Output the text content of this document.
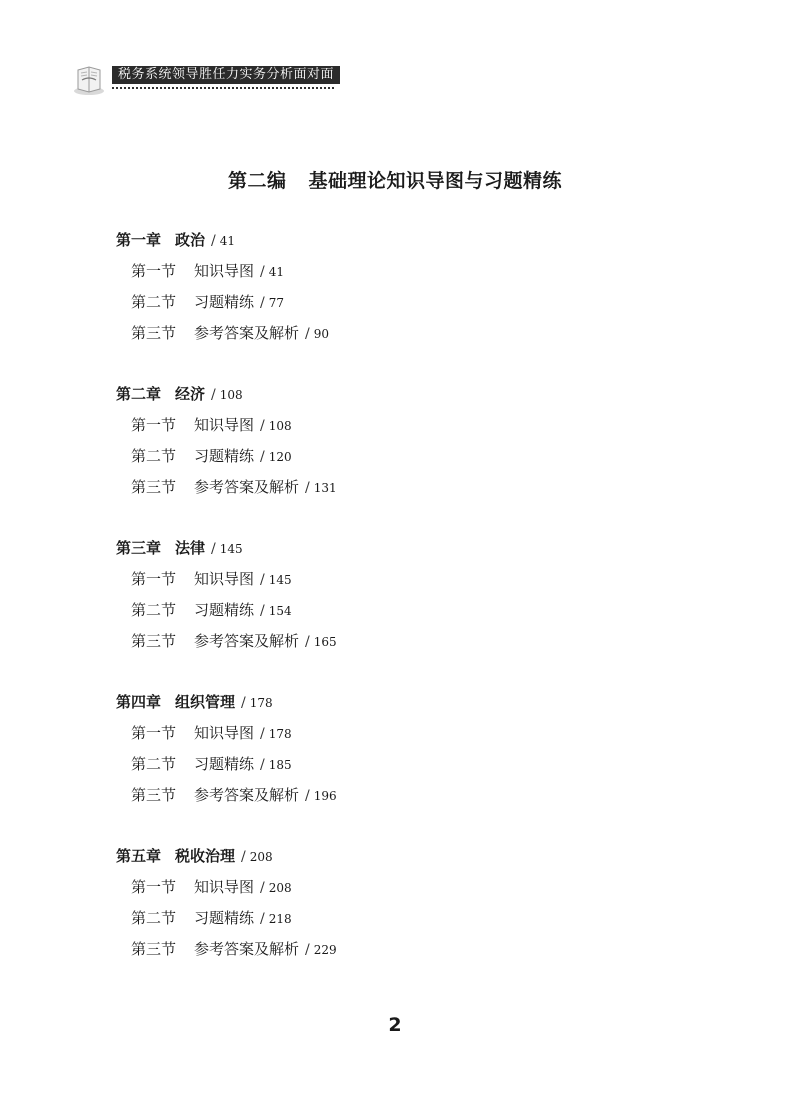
税务系统领导胜任力实务分析面对面
第二编 基础理论知识导图与习题精练
第一章 政治 / 41
第一节 知识导图 / 41
第二节 习题精练 / 77
第三节 参考答案及解析 / 90
第二章 经济 / 108
第一节 知识导图 / 108
第二节 习题精练 / 120
第三节 参考答案及解析 / 131
第三章 法律 / 145
第一节 知识导图 / 145
第二节 习题精练 / 154
第三节 参考答案及解析 / 165
第四章 组织管理 / 178
第一节 知识导图 / 178
第二节 习题精练 / 185
第三节 参考答案及解析 / 196
第五章 税收治理 / 208
第一节 知识导图 / 208
第二节 习题精练 / 218
第三节 参考答案及解析 / 229
2
